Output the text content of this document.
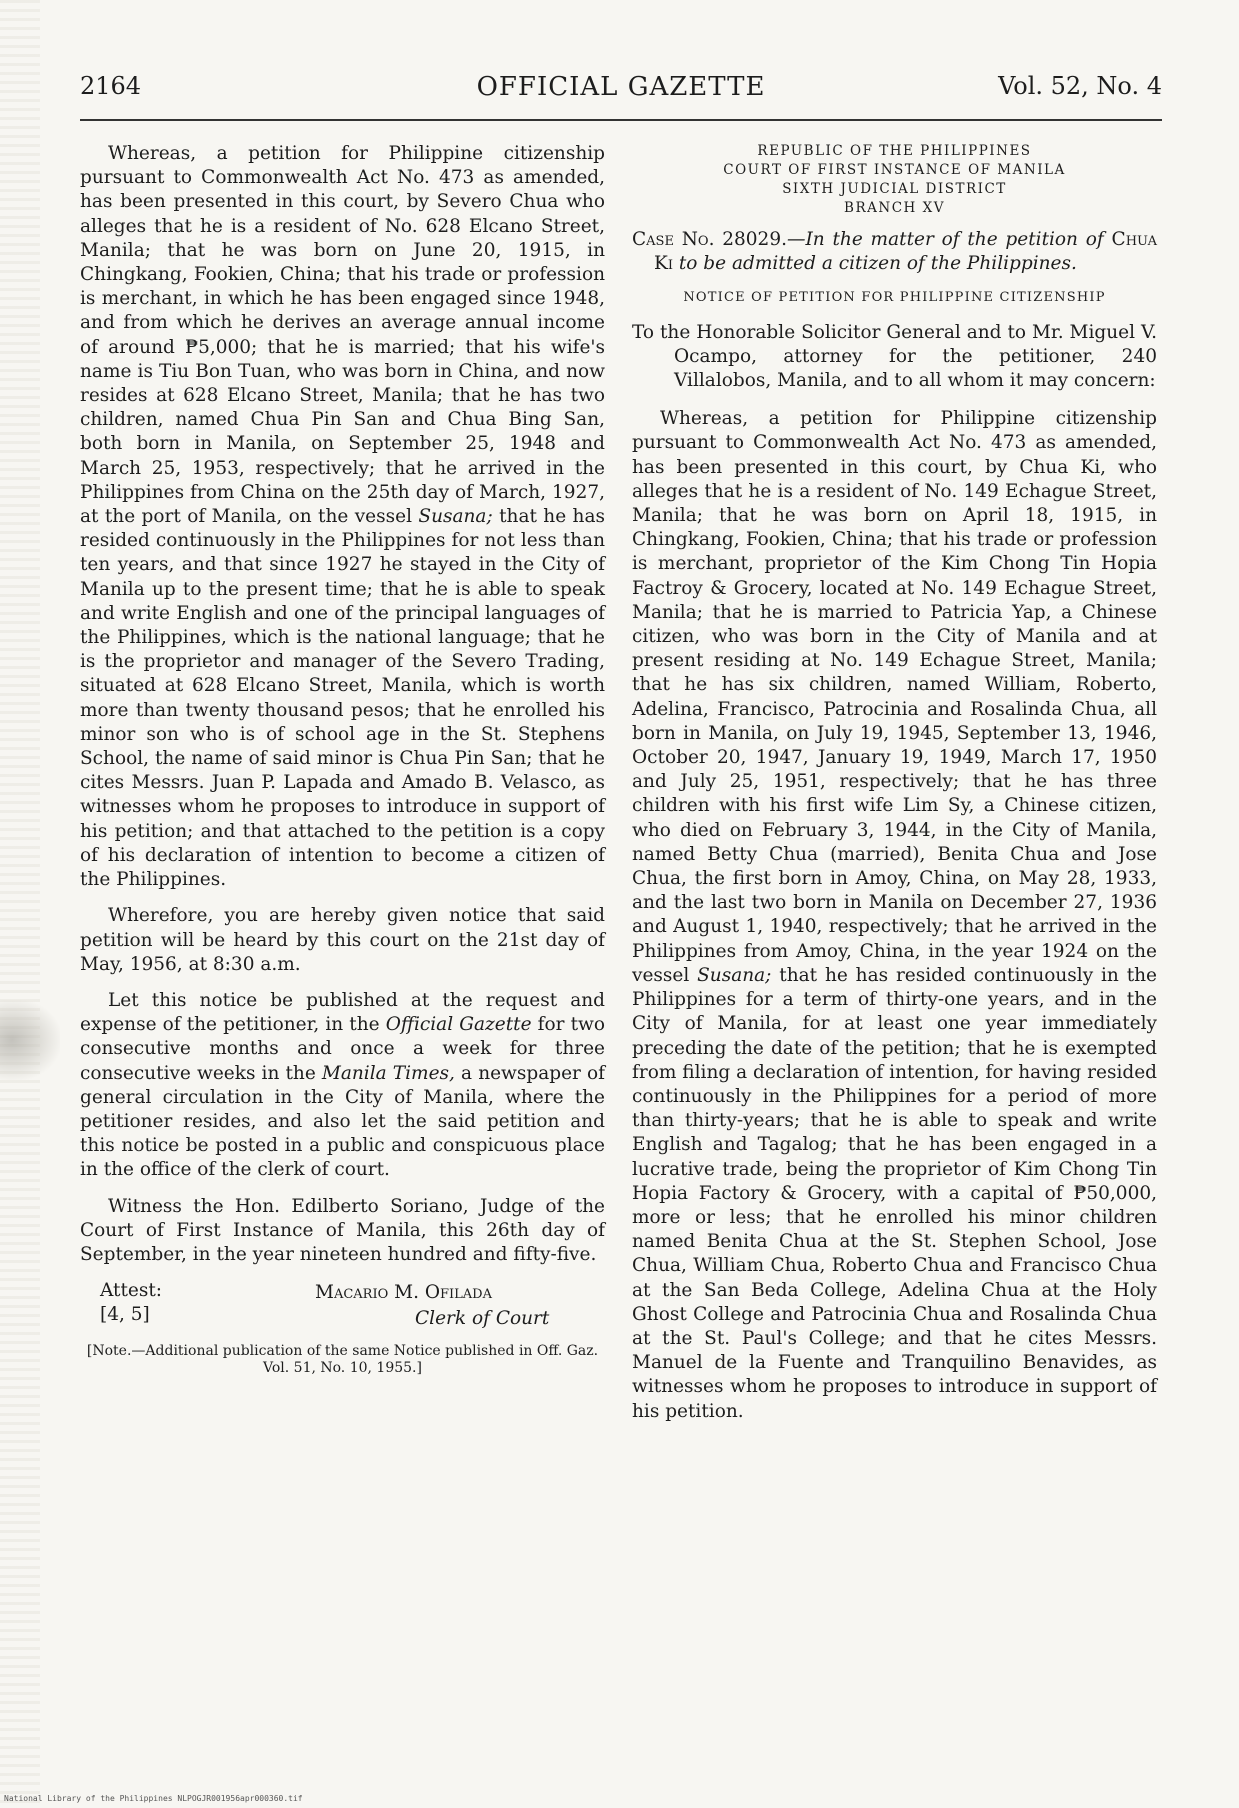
2164	OFFICIAL GAZETTE	Vol. 52, No. 4

Whereas, a petition for Philippine citizenship pursuant to Commonwealth Act No. 473 as amended, has been presented in this court, by Severo Chua who alleges that he is a resident of No. 628 Elcano Street, Manila; that he was born on June 20, 1915, in Chingkang, Fookien, China; that his trade or profession is merchant, in which he has been engaged since 1948, and from which he derives an average annual income of around ₱5,000; that he is married; that his wife's name is Tiu Bon Tuan, who was born in China, and now resides at 628 Elcano Street, Manila; that he has two children, named Chua Pin San and Chua Bing San, both born in Manila, on September 25, 1948 and March 25, 1953, respectively; that he arrived in the Philippines from China on the 25th day of March, 1927, at the port of Manila, on the vessel Susana; that he has resided continuously in the Philippines for not less than ten years, and that since 1927 he stayed in the City of Manila up to the present time; that he is able to speak and write English and one of the principal languages of the Philippines, which is the national language; that he is the proprietor and manager of the Severo Trading, situated at 628 Elcano Street, Manila, which is worth more than twenty thousand pesos; that he enrolled his minor son who is of school age in the St. Stephens School, the name of said minor is Chua Pin San; that he cites Messrs. Juan P. Lapada and Amado B. Velasco, as witnesses whom he proposes to introduce in support of his petition; and that attached to the petition is a copy of his declaration of intention to become a citizen of the Philippines.

Wherefore, you are hereby given notice that said petition will be heard by this court on the 21st day of May, 1956, at 8:30 a.m.

Let this notice be published at the request and expense of the petitioner, in the Official Gazette for two consecutive months and once a week for three consecutive weeks in the Manila Times, a newspaper of general circulation in the City of Manila, where the petitioner resides, and also let the said petition and this notice be posted in a public and conspicuous place in the office of the clerk of court.

Witness the Hon. Edilberto Soriano, Judge of the Court of First Instance of Manila, this 26th day of September, in the year nineteen hundred and fifty-five.

Attest:
[4, 5]
Macario M. Ofilada
Clerk of Court
[Note.—Additional publication of the same Notice published in Off. Gaz. Vol. 51, No. 10, 1955.]
REPUBLIC OF THE PHILIPPINES
COURT OF FIRST INSTANCE OF MANILA
SIXTH JUDICIAL DISTRICT
BRANCH XV
Case No. 28029.—In the matter of the petition of Chua Ki to be admitted a citizen of the Philippines.
NOTICE OF PETITION FOR PHILIPPINE CITIZENSHIP
To the Honorable Solicitor General and to Mr. Miguel V. Ocampo, attorney for the petitioner, 240 Villalobos, Manila, and to all whom it may concern:

Whereas, a petition for Philippine citizenship pursuant to Commonwealth Act No. 473 as amended, has been presented in this court, by Chua Ki, who alleges that he is a resident of No. 149 Echague Street, Manila; that he was born on April 18, 1915, in Chingkang, Fookien, China; that his trade or profession is merchant, proprietor of the Kim Chong Tin Hopia Factroy & Grocery, located at No. 149 Echague Street, Manila; that he is married to Patricia Yap, a Chinese citizen, who was born in the City of Manila and at present residing at No. 149 Echague Street, Manila; that he has six children, named William, Roberto, Adelina, Francisco, Patrocinia and Rosalinda Chua, all born in Manila, on July 19, 1945, September 13, 1946, October 20, 1947, January 19, 1949, March 17, 1950 and July 25, 1951, respectively; that he has three children with his first wife Lim Sy, a Chinese citizen, who died on February 3, 1944, in the City of Manila, named Betty Chua (married), Benita Chua and Jose Chua, the first born in Amoy, China, on May 28, 1933, and the last two born in Manila on December 27, 1936 and August 1, 1940, respectively; that he arrived in the Philippines from Amoy, China, in the year 1924 on the vessel Susana; that he has resided continuously in the Philippines for a term of thirty-one years, and in the City of Manila, for at least one year immediately preceding the date of the petition; that he is exempted from filing a declaration of intention, for having resided continuously in the Philippines for a period of more than thirty-years; that he is able to speak and write English and Tagalog; that he has been engaged in a lucrative trade, being the proprietor of Kim Chong Tin Hopia Factory & Grocery, with a capital of ₱50,000, more or less; that he enrolled his minor children named Benita Chua at the St. Stephen School, Jose Chua, William Chua, Roberto Chua and Francisco Chua at the San Beda College, Adelina Chua at the Holy Ghost College and Patrocinia Chua and Rosalinda Chua at the St. Paul's College; and that he cites Messrs. Manuel de la Fuente and Tranquilino Benavides, as witnesses whom he proposes to introduce in support of his petition.

National Library of the Philippines NLPOGJR001956apr000360.tif
